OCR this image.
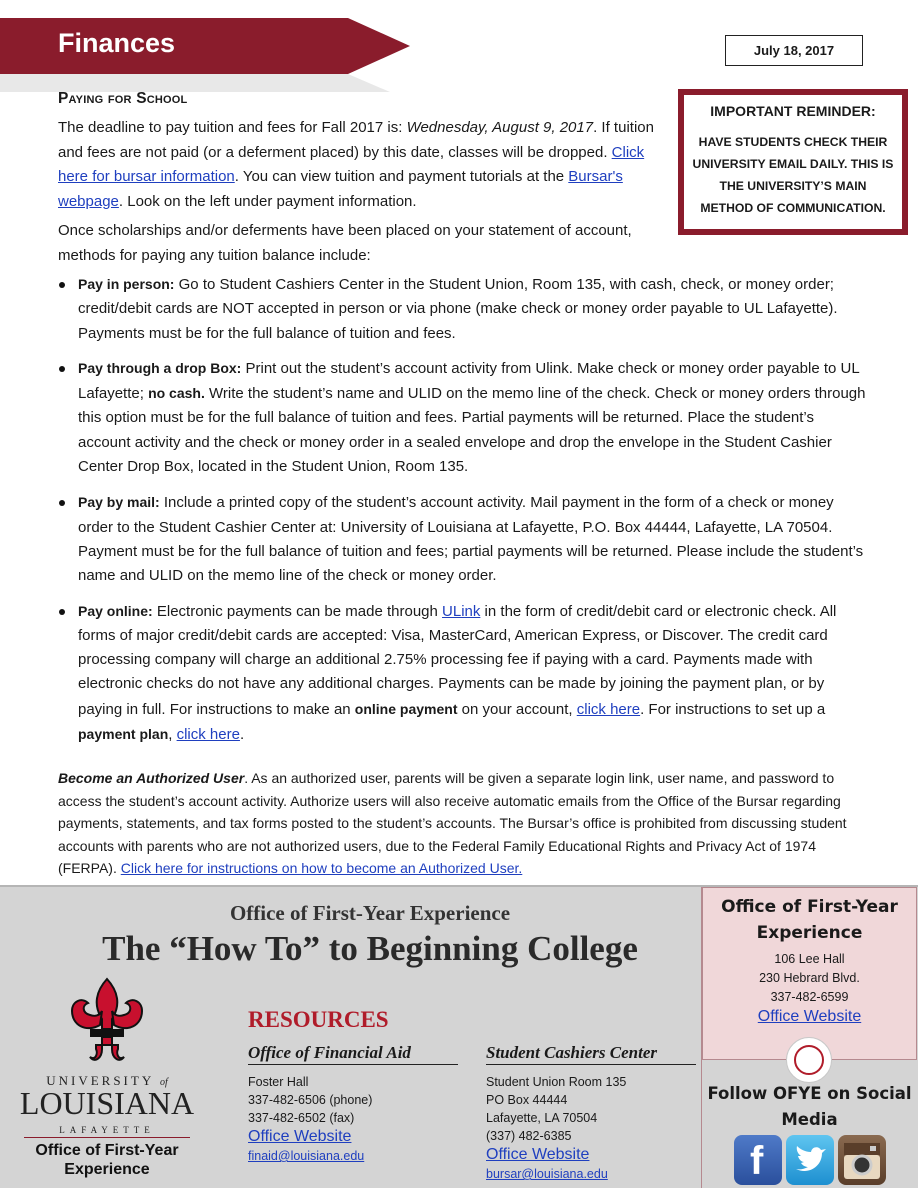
Finances	July 18, 2017
IMPORTANT REMINDER:
HAVE STUDENTS CHECK THEIR UNIVERSITY EMAIL DAILY. THIS IS THE UNIVERSITY’S MAIN METHOD OF COMMUNICATION.
Paying for School

The deadline to pay tuition and fees for Fall 2017 is: Wednesday, August 9, 2017. If tuition and fees are not paid (or a deferment placed) by this date, classes will be dropped. Click here for bursar information. You can view tuition and payment tutorials at the Bursar's webpage. Look on the left under payment information.

Once scholarships and/or deferments have been placed on your statement of account, methods for paying any tuition balance include:

Pay in person: Go to Student Cashiers Center in the Student Union, Room 135, with cash, check, or money order; credit/debit cards are NOT accepted in person or via phone (make check or money order payable to UL Lafayette). Payments must be for the full balance of tuition and fees.
Pay through a drop Box: Print out the student’s account activity from Ulink. Make check or money order payable to UL Lafayette; no cash. Write the student’s name and ULID on the memo line of the check. Check or money orders through this option must be for the full balance of tuition and fees. Partial payments will be returned. Place the student’s account activity and the check or money order in a sealed envelope and drop the envelope in the Student Cashier Center Drop Box, located in the Student Union, Room 135.
Pay by mail: Include a printed copy of the student’s account activity. Mail payment in the form of a check or money order to the Student Cashier Center at: University of Louisiana at Lafayette, P.O. Box 44444, Lafayette, LA 70504. Payment must be for the full balance of tuition and fees; partial payments will be returned. Please include the student’s name and ULID on the memo line of the check or money order.
Pay online: Electronic payments can be made through ULink in the form of credit/debit card or electronic check. All forms of major credit/debit cards are accepted: Visa, MasterCard, American Express, or Discover. The credit card processing company will charge an additional 2.75% processing fee if paying with a card. Payments made with electronic checks do not have any additional charges. Payments can be made by joining the payment plan, or by paying in full. For instructions to make an online payment on your account, click here. For instructions to set up a payment plan, click here.

Become an Authorized User. As an authorized user, parents will be given a separate login link, user name, and password to access the student’s account activity. Authorize users will also receive automatic emails from the Office of the Bursar regarding payments, statements, and tax forms posted to the student’s accounts. The Bursar’s office is prohibited from discussing student accounts with parents who are not authorized users, due to the Federal Family Educational Rights and Privacy Act of 1974 (FERPA). Click here for instructions on how to become an Authorized User.

Office of First-Year Experience
The “How To” to Beginning College
UNIVERSITY of
LOUISIANA
LAFAYETTE
Office of First-Year Experience
RESOURCES
Office of Financial Aid
Foster Hall
337-482-6506 (phone)
337-482-6502 (fax)
Office Website
finaid@louisiana.edu
Student Cashiers Center
Student Union Room 135
PO Box 44444
Lafayette, LA 70504
(337) 482-6385
Office Website
bursar@louisiana.edu
Office of First-Year Experience
106 Lee Hall
230 Hebrard Blvd.
337-482-6599
Office Website
Follow OFYE on Social Media
f
